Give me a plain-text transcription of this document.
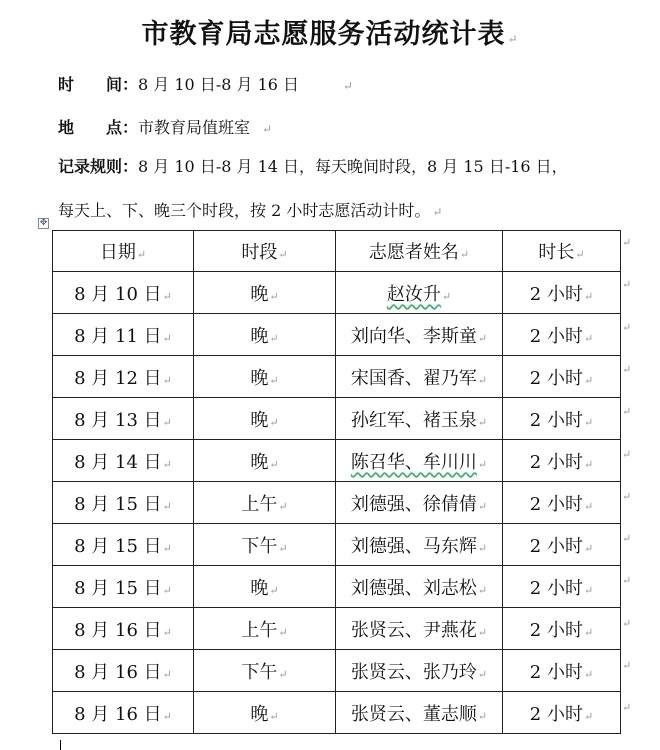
市教育局志愿服务活动统计表 ↵
时　　间：8 月 10 日-8 月 16 日	↵
地　　点：市教育局值班室 ↵
记录规则：8 月 10 日-8 月 14 日，每天晚间时段，8 月 15 日-16 日，
每天上、下、晚三个时段，按 2 小时志愿活动计时。 ↵
✥
日期↵	时段↵	志愿者姓名↵	时长↵
8 月 10 日↵	晚↵	赵汝升↵	2 小时↵
8 月 11 日↵	晚↵	刘向华、李斯童↵	2 小时↵
8 月 12 日↵	晚↵	宋国香、翟乃军↵	2 小时↵
8 月 13 日↵	晚↵	孙红军、褚玉泉↵	2 小时↵
8 月 14 日↵	晚↵	陈召华、牟川川↵	2 小时↵
8 月 15 日↵	上午↵	刘德强、徐倩倩↵	2 小时↵
8 月 15 日↵	下午↵	刘德强、马东辉↵	2 小时↵
8 月 15 日↵	晚↵	刘德强、刘志松↵	2 小时↵
8 月 16 日↵	上午↵	张贤云、尹燕花↵	2 小时↵
8 月 16 日↵	下午↵	张贤云、张乃玲↵	2 小时↵
8 月 16 日↵	晚↵	张贤云、董志顺↵	2 小时↵
↵
↵
↵
↵
↵
↵
↵
↵
↵
↵
↵
↵
